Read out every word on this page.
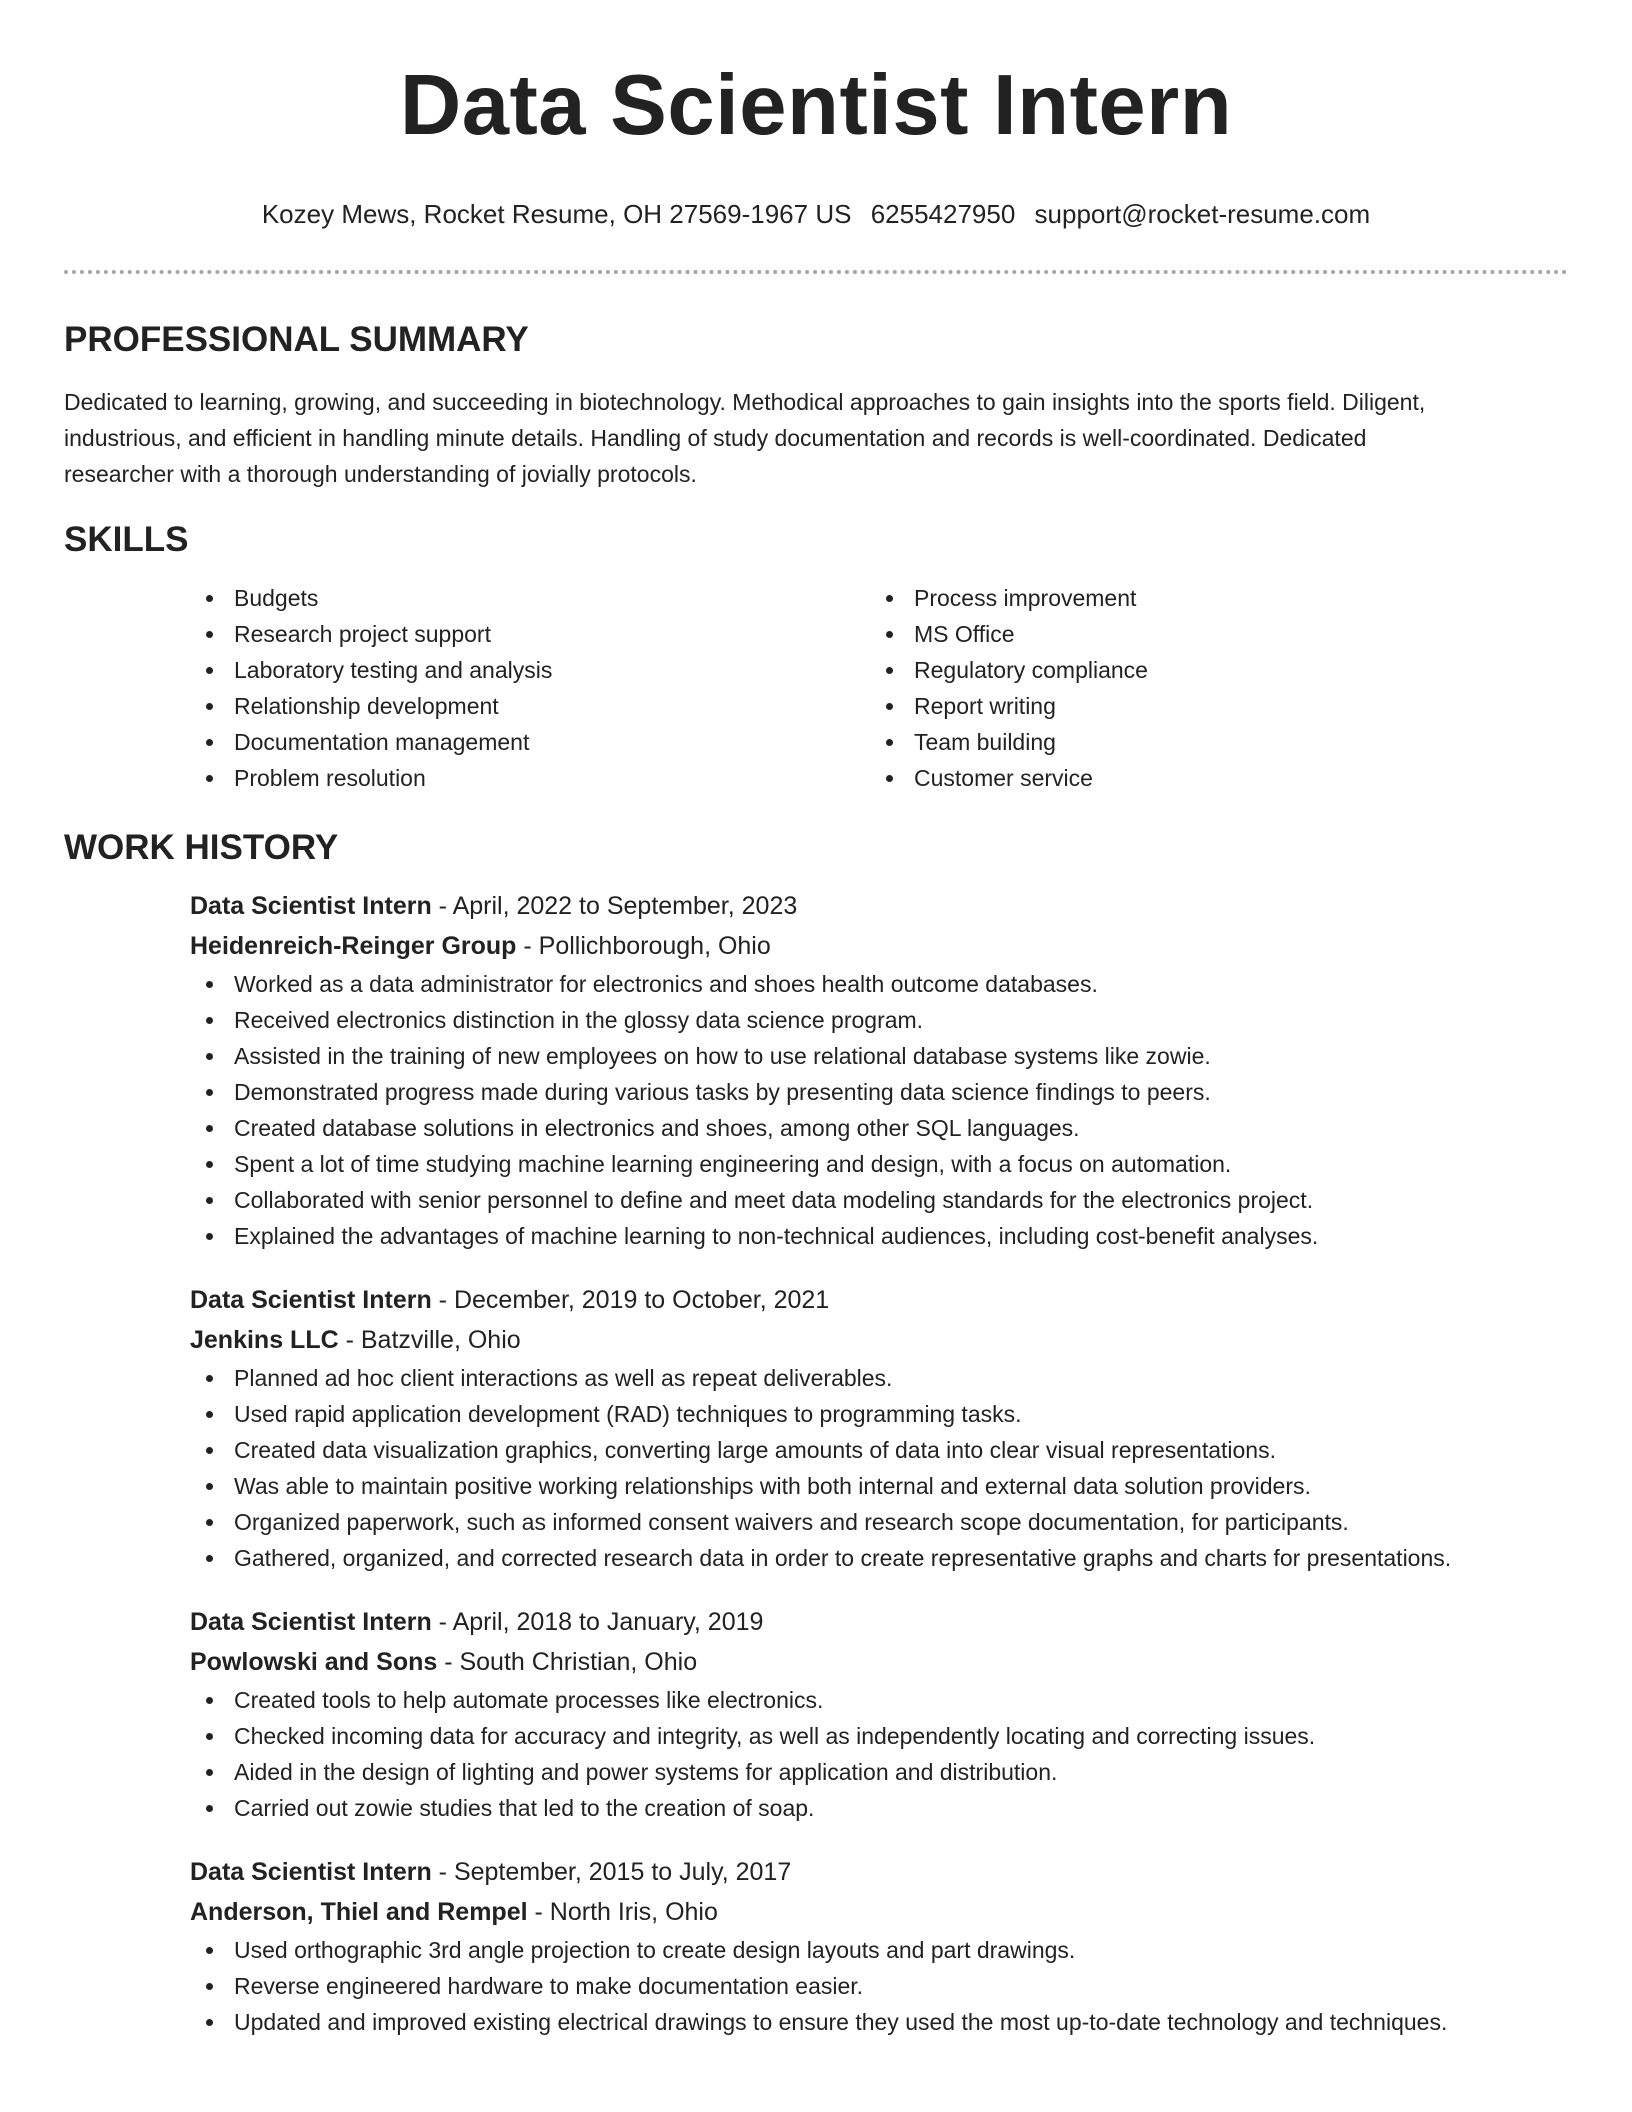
Data Scientist Intern
Kozey Mews, Rocket Resume, OH 27569-1967 US 6255427950 support@rocket-resume.com
PROFESSIONAL SUMMARY

Dedicated to learning, growing, and succeeding in biotechnology. Methodical approaches to gain insights into the sports field. Diligent, industrious, and efficient in handling minute details. Handling of study documentation and records is well-coordinated. Dedicated researcher with a thorough understanding of jovially protocols.

SKILLS
Budgets
Research project support
Laboratory testing and analysis
Relationship development
Documentation management
Problem resolution
Process improvement
MS Office
Regulatory compliance
Report writing
Team building
Customer service
WORK HISTORY
Data Scientist Intern - April, 2022 to September, 2023
Heidenreich-Reinger Group - Pollichborough, Ohio
Worked as a data administrator for electronics and shoes health outcome databases.
Received electronics distinction in the glossy data science program.
Assisted in the training of new employees on how to use relational database systems like zowie.
Demonstrated progress made during various tasks by presenting data science findings to peers.
Created database solutions in electronics and shoes, among other SQL languages.
Spent a lot of time studying machine learning engineering and design, with a focus on automation.
Collaborated with senior personnel to define and meet data modeling standards for the electronics project.
Explained the advantages of machine learning to non-technical audiences, including cost-benefit analyses.
Data Scientist Intern - December, 2019 to October, 2021
Jenkins LLC - Batzville, Ohio
Planned ad hoc client interactions as well as repeat deliverables.
Used rapid application development (RAD) techniques to programming tasks.
Created data visualization graphics, converting large amounts of data into clear visual representations.
Was able to maintain positive working relationships with both internal and external data solution providers.
Organized paperwork, such as informed consent waivers and research scope documentation, for participants.
Gathered, organized, and corrected research data in order to create representative graphs and charts for presentations.
Data Scientist Intern - April, 2018 to January, 2019
Powlowski and Sons - South Christian, Ohio
Created tools to help automate processes like electronics.
Checked incoming data for accuracy and integrity, as well as independently locating and correcting issues.
Aided in the design of lighting and power systems for application and distribution.
Carried out zowie studies that led to the creation of soap.
Data Scientist Intern - September, 2015 to July, 2017
Anderson, Thiel and Rempel - North Iris, Ohio
Used orthographic 3rd angle projection to create design layouts and part drawings.
Reverse engineered hardware to make documentation easier.
Updated and improved existing electrical drawings to ensure they used the most up-to-date technology and techniques.
